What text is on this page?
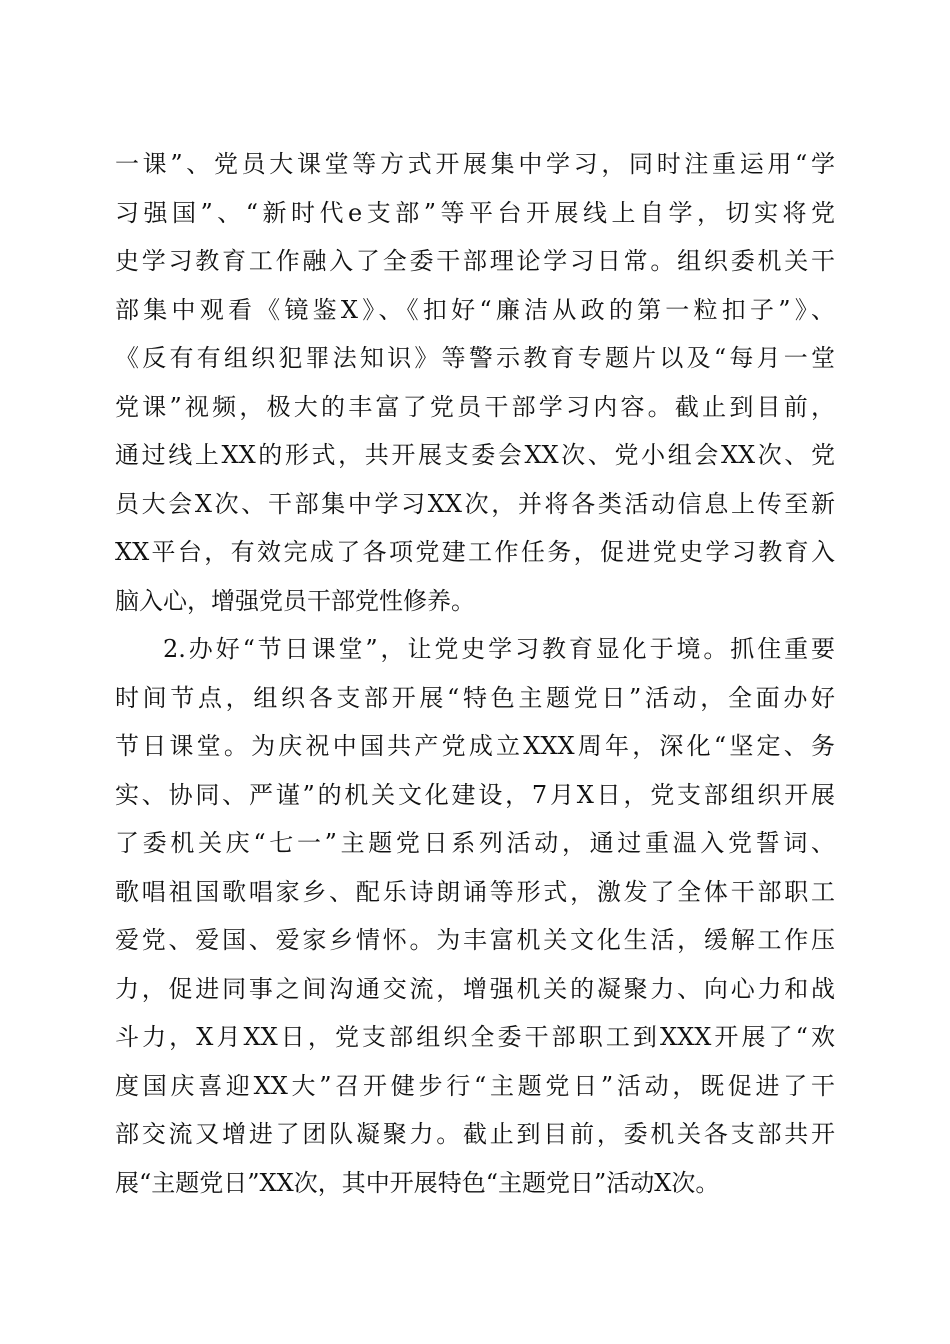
一课”、党员大课堂等方式开展集中学习，同时注重运用“学
习强国”、“新时代e支部”等平台开展线上自学，切实将党
史学习教育工作融入了全委干部理论学习日常。组织委机关干
部集中观看《镜鉴X》、《扣好“廉洁从政的第一粒扣子”》、
《反有有组织犯罪法知识》等警示教育专题片以及“每月一堂
党课”视频，极大的丰富了党员干部学习内容。截止到目前，
通过线上XX的形式，共开展支委会XX次、党小组会XX次、党
员大会X次、干部集中学习XX次，并将各类活动信息上传至新
XX平台，有效完成了各项党建工作任务，促进党史学习教育入
脑入心，增强党员干部党性修养。
2.办好“节日课堂”，让党史学习教育显化于境。抓住重要
时间节点，组织各支部开展“特色主题党日”活动，全面办好
节日课堂。为庆祝中国共产党成立XXX周年，深化“坚定、务
实、协同、严谨”的机关文化建设，7月X日，党支部组织开展
了委机关庆“七一”主题党日系列活动，通过重温入党誓词、
歌唱祖国歌唱家乡、配乐诗朗诵等形式，激发了全体干部职工
爱党、爱国、爱家乡情怀。为丰富机关文化生活，缓解工作压
力，促进同事之间沟通交流，增强机关的凝聚力、向心力和战
斗力，X月XX日，党支部组织全委干部职工到XXX开展了“欢
度国庆喜迎XX大”召开健步行“主题党日”活动，既促进了干
部交流又增进了团队凝聚力。截止到目前，委机关各支部共开
展“主题党日”XX次，其中开展特色“主题党日”活动X次。
